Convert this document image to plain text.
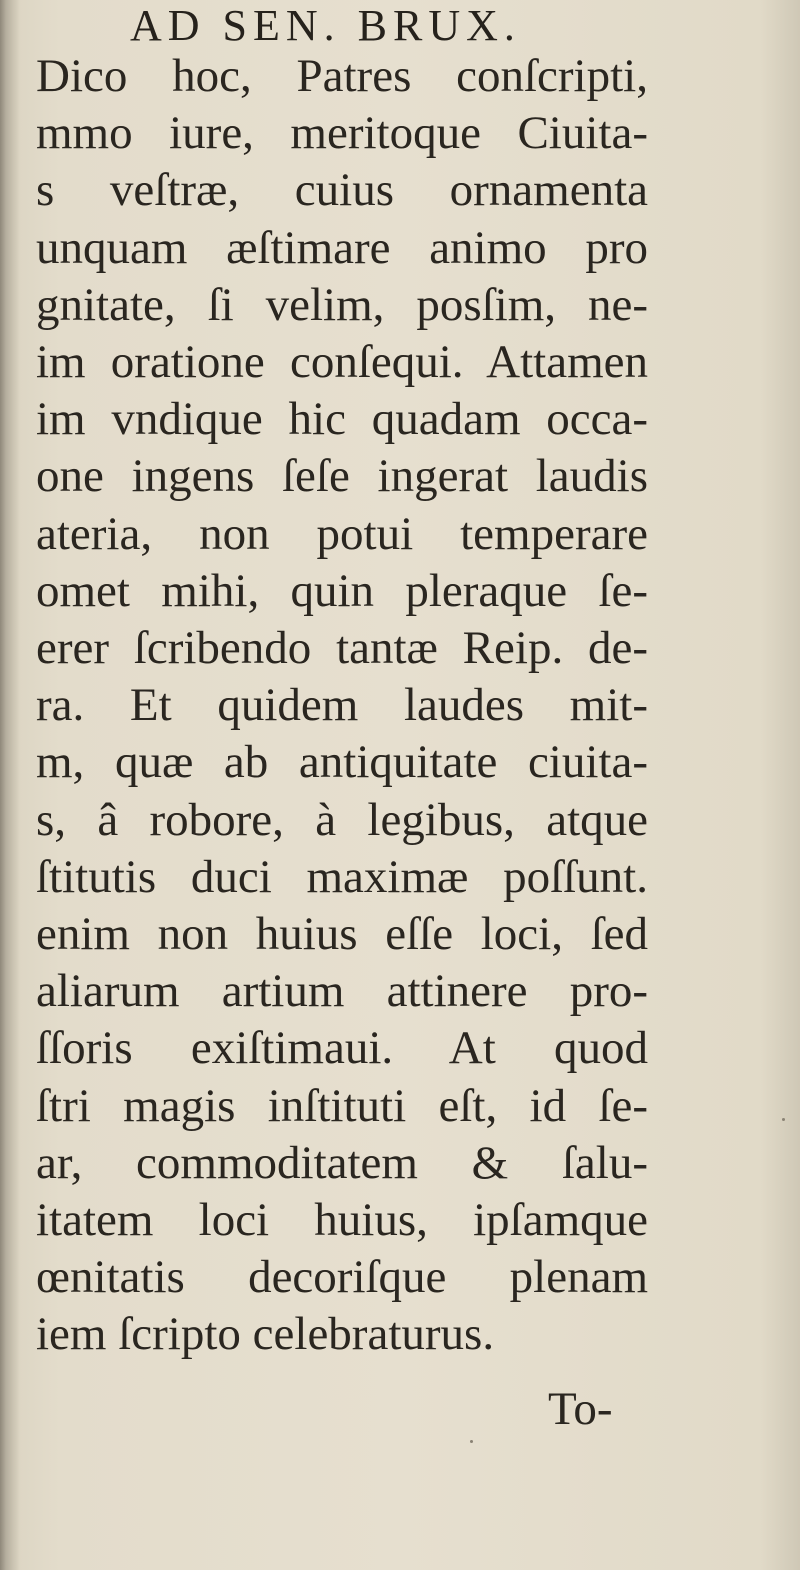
AD SEN. BRUX.
Dico hoc, Patres conſcripti,
mmo iure, meritoque Ciuita-
s veſtræ, cuius ornamenta
unquam æſtimare animo pro
gnitate, ſi velim, posſim, ne-
im oratione conſequi. Attamen
im vndique hic quadam occa-
one ingens ſeſe ingerat laudis
ateria, non potui temperare
omet mihi, quin pleraque ſe-
erer ſcribendo tantæ Reip. de-
ra. Et quidem laudes mit-
m, quæ ab antiquitate ciuita-
s, â robore, à legibus, atque
ſtitutis duci maximæ poſſunt.
enim non huius eſſe loci, ſed
aliarum artium attinere pro-
ſſoris exiſtimaui. At quod
ſtri magis inſtituti eſt, id ſe-
ar, commoditatem & ſalu-
itatem loci huius, ipſamque
œnitatis decoriſque plenam
iem ſcripto celebraturus.
To-
